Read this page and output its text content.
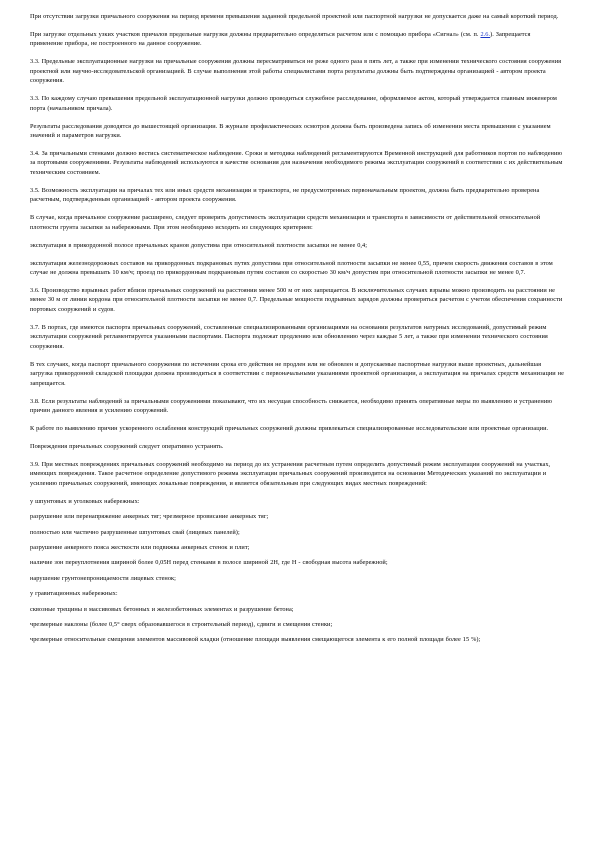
При отсутствии загрузки причального сооружения на период времени превышения заданной предельной проектной или паспортной нагрузки не допускается даже на самый короткий период.

При загрузке отдельных узких участков причалов предельные нагрузки должны предварительно определяться расчетом или с помощью прибора «Сигнал» (см. п. 2.6.). Запрещается применение прибора, не построенного на данное сооружение.

3.3. Предельные эксплуатационные нагрузки на причальные сооружения должны пересматриваться не реже одного раза в пять лет, а также при изменении технического состояния сооружения проектной или научно-исследовательской организацией. В случае выполнения этой работы специалистами порта результаты должны быть подтверждены организацией - автором проекта сооружения.

3.3. По каждому случаю превышения предельной эксплуатационной нагрузки должно проводиться служебное расследование, оформляемое актом, который утверждается главным инженером порта (начальником причала).

Результаты расследования доводятся до вышестоящей организации. В журнале профилактических осмотров должна быть произведена запись об изменении места превышения с указанием значений и параметров нагрузки.

3.4. За причальными стенками должно вестись систематическое наблюдение. Сроки и методика наблюдений регламентируются Временной инструкцией для работников портов по наблюдению за портовыми сооружениями. Результаты наблюдений используются в качестве основания для назначения необходимого режима эксплуатации сооружений в соответствии с их действительным техническим состоянием.

3.5. Возможность эксплуатации на причалах тех или иных средств механизации и транспорта, не предусмотренных первоначальным проектом, должна быть предварительно проверена расчетным, подтвержденным организацией - автором проекта сооружения.

В случае, когда причальное сооружение расширено, следует проверить допустимость эксплуатации средств механизации и транспорта в зависимости от действительной относительной плотности грунта засыпки за набережными. При этом необходимо исходить из следующих критериев:

эксплуатация в прикордонной полосе причальных кранов допустима при относительной плотности засыпки не менее 0,4;

эксплуатация железнодорожных составов на прикордонных подкрановых путях допустима при относительной плотности засыпки не менее 0,55, причем скорость движения составов в этом случае не должна превышать 10 км/ч; проезд по прикордонным подкрановым путям составов со скоростью 30 км/ч допустим при относительной плотности засыпки не менее 0,7.

3.6. Производство взрывных работ вблизи причальных сооружений на расстоянии менее 500 м от них запрещается. В исключительных случаях взрывы можно производить на расстоянии не менее 30 м от линии кордона при относительной плотности засыпки не менее 0,7. Предельные мощности подрывных зарядов должны проверяться расчетом с учетом обеспечения сохранности портовых сооружений и судов.

3.7. В портах, где имеются паспорта причальных сооружений, составленные специализированными организациями на основании результатов натурных исследований, допустимый режим эксплуатации сооружений регламентируется указанными паспортами. Паспорта подлежат продлению или обновлению через каждые 5 лет, а также при изменении технического состояния сооружения.

В тех случаях, когда паспорт причального сооружения по истечении срока его действия не продлен или не обновлен и допускаемые паспортные нагрузки выше проектных, дальнейшая загрузка прикордонной складской площадки должна производиться в соответствии с первоначальными указаниями проектной организации, а эксплуатация на причалах средств механизации не запрещается.

3.8. Если результаты наблюдений за причальными сооружениями показывают, что их несущая способность снижается, необходимо принять оперативные меры по выявлению и устранению причин данного явления и усилению сооружений.

К работе по выявлению причин ускоренного ослабления конструкций причальных сооружений должны привлекаться специализированные исследовательские или проектные организации.

Повреждения причальных сооружений следует оперативно устранять.

3.9. При местных повреждениях причальных сооружений необходимо на период до их устранения расчетным путем определить допустимый режим эксплуатации сооружений на участках, имеющих повреждения. Такое расчетное определение допустимого режима эксплуатации причальных сооружений производится на основании Методических указаний по эксплуатации и усилению причальных сооружений, имеющих локальные повреждения, и является обязательным при следующих видах местных повреждений:

у шпунтовых и уголковых набережных:

разрушение или перенапряжение анкерных тяг; чрезмерное провисание анкерных тяг;

полностью или частично разрушенные шпунтовых свай (лицевых панелей);

разрушение анкерного пояса жесткости или подвижка анкерных стенок и плит;

наличие зон переуплотнения шириной более 0,05H перед стенками в полосе шириной 2H, где H - свободная высота набережной;

нарушение грунтонепроницаемости лицевых стенок;

у гравитационных набережных:

сквозные трещины в массивовых бетонных и железобетонных элементах и разрушение бетона;

чрезмерные наклоны (более 0,5° сверх образовавшегося в строительный период), сдвиги и смещения стенки;

чрезмерные относительные смещения элементов массивовой кладки (отношение площади выявления смещающегося элемента к его полной площади более 15 %);
